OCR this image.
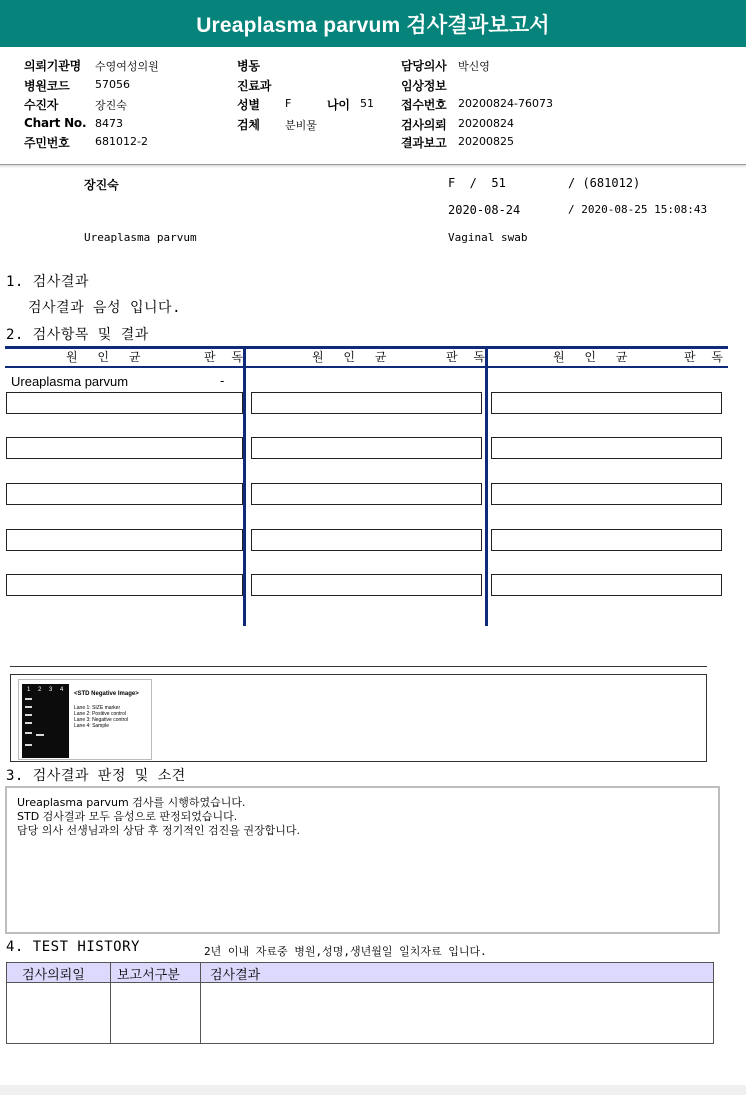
Ureaplasma parvum 검사결과보고서
의뢰기관명 수영여성의원
병원코드 57056
수진자	장진숙
Chart No. 8473
주민번호 681012-2
병동
진료과
성별 F	나이 51
검체 분비물
담당의사 박신영
임상정보
접수번호 20200824-76073
검사의뢰 20200824
결과보고 20200825
장진숙	F  /  51	/ (681012)
2020-08-24	/ 2020-08-25 15:08:43
Ureaplasma parvum	Vaginal swab
1. 검사결과
검사결과 음성 입니다.
2. 검사항목 및 결과
원 인 균	판 독	원 인 균	판 독	원 인 균	판 독
Ureaplasma parvum	-
1 2 3 4
<STD Negative Image>
Lane 1: SIZE marker
Lane 2: Positive control
Lane 3: Negative control
Lane 4: Sample
3. 검사결과 판정 및 소견
Ureaplasma parvum 검사를 시행하였습니다.
STD 검사결과 모두 음성으로 판정되었습니다.
담당 의사 선생님과의 상담 후 정기적인 검진을 권장합니다.
4. TEST HISTORY	2년 이내 자료중 병원,성명,생년월일 일치자료 입니다.
검사의뢰일 보고서구분 검사결과
